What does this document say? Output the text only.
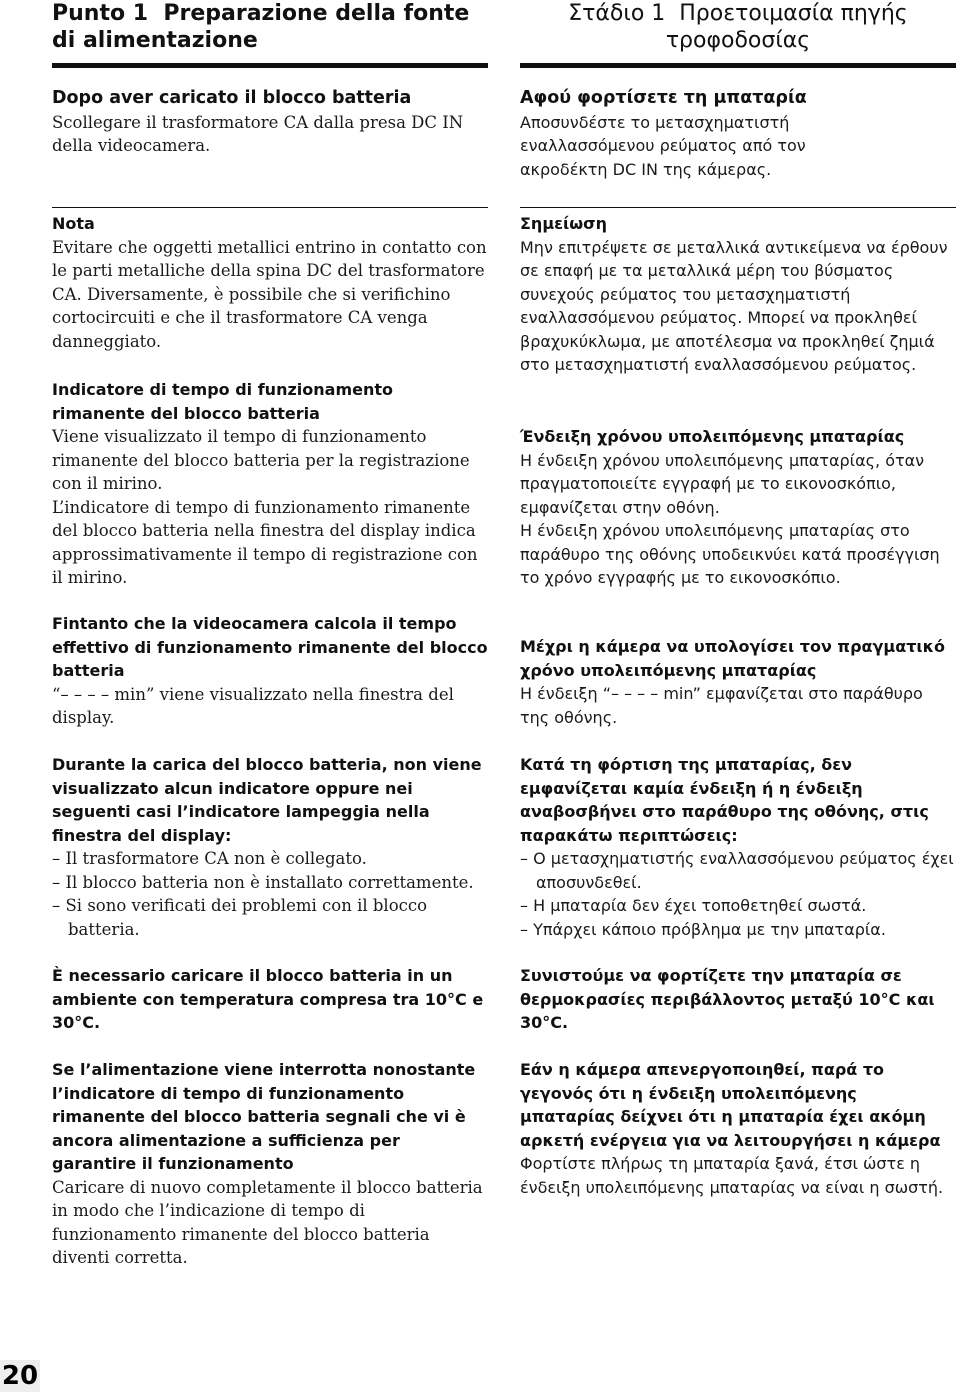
Punto 1  Preparazione della fonte
di alimentazione
Dopo aver caricato il blocco batteria
Scollegare il trasformatore CA dalla presa DC IN della videocamera.
Nota
Evitare che oggetti metallici entrino in contatto con le parti metalliche della spina DC del trasformatore CA. Diversamente, è possibile che si verifichino cortocircuiti e che il trasformatore CA venga danneggiato.
Indicatore di tempo di funzionamento rimanente del blocco batteria
Viene visualizzato il tempo di funzionamento rimanente del blocco batteria per la registrazione con il mirino.
L’indicatore di tempo di funzionamento rimanente del blocco batteria nella finestra del display indica approssimativamente il tempo di registrazione con il mirino.
Fintanto che la videocamera calcola il tempo effettivo di funzionamento rimanente del blocco batteria
“– – – – min” viene visualizzato nella finestra del display.
Durante la carica del blocco batteria, non viene visualizzato alcun indicatore oppure nei seguenti casi l’indicatore lampeggia nella finestra del display:
– Il trasformatore CA non è collegato.
– Il blocco batteria non è installato correttamente.
– Si sono verificati dei problemi con il blocco batteria.
È necessario caricare il blocco batteria in un ambiente con temperatura compresa tra 10°C e 30°C.
Se l’alimentazione viene interrotta nonostante l’indicatore di tempo di funzionamento rimanente del blocco batteria segnali che vi è ancora alimentazione a sufficienza per garantire il funzionamento
Caricare di nuovo completamente il blocco batteria in modo che l’indicazione di tempo di funzionamento rimanente del blocco batteria diventi corretta.
Στάδιο 1  Προετοιμασία πηγής
τροφοδοσίας
Αφού φορτίσετε τη μπαταρία
Αποσυνδέστε το μετασχηματιστή εναλλασσόμενου ρεύματος από τον ακροδέκτη DC IN της κάμερας.
Σημείωση
Μην επιτρέψετε σε μεταλλικά αντικείμενα να έρθουν σε επαφή με τα μεταλλικά μέρη του βύσματος συνεχούς ρεύματος του μετασχηματιστή εναλλασσόμενου ρεύματος. Μπορεί να προκληθεί βραχυκύκλωμα, με αποτέλεσμα να προκληθεί ζημιά στο μετασχηματιστή εναλλασσόμενου ρεύματος.
Ένδειξη χρόνου υπολειπόμενης μπαταρίας
Η ένδειξη χρόνου υπολειπόμενης μπαταρίας, όταν πραγματοποιείτε εγγραφή με το εικονοσκόπιο, εμφανίζεται στην οθόνη.
Η ένδειξη χρόνου υπολειπόμενης μπαταρίας στο παράθυρο της οθόνης υποδεικνύει κατά προσέγγιση το χρόνο εγγραφής με το εικονοσκόπιο.
Μέχρι η κάμερα να υπολογίσει τον πραγματικό χρόνο υπολειπόμενης μπαταρίας
Η ένδειξη “– – – – min” εμφανίζεται στο παράθυρο της οθόνης.
Κατά τη φόρτιση της μπαταρίας, δεν εμφανίζεται καμία ένδειξη ή η ένδειξη αναβοσβήνει στο παράθυρο της οθόνης, στις παρακάτω περιπτώσεις:
– Ο μετασχηματιστής εναλλασσόμενου ρεύματος έχει αποσυνδεθεί.
– Η μπαταρία δεν έχει τοποθετηθεί σωστά.
– Υπάρχει κάποιο πρόβλημα με την μπαταρία.
Συνιστούμε να φορτίζετε την μπαταρία σε θερμοκρασίες περιβάλλοντος μεταξύ 10°C και 30°C.
Εάν η κάμερα απενεργοποιηθεί, παρά το γεγονός ότι η ένδειξη υπολειπόμενης μπαταρίας δείχνει ότι η μπαταρία έχει ακόμη αρκετή ενέργεια για να λειτουργήσει η κάμερα
Φορτίστε πλήρως τη μπαταρία ξανά, έτσι ώστε η ένδειξη υπολειπόμενης μπαταρίας να είναι η σωστή.
20
